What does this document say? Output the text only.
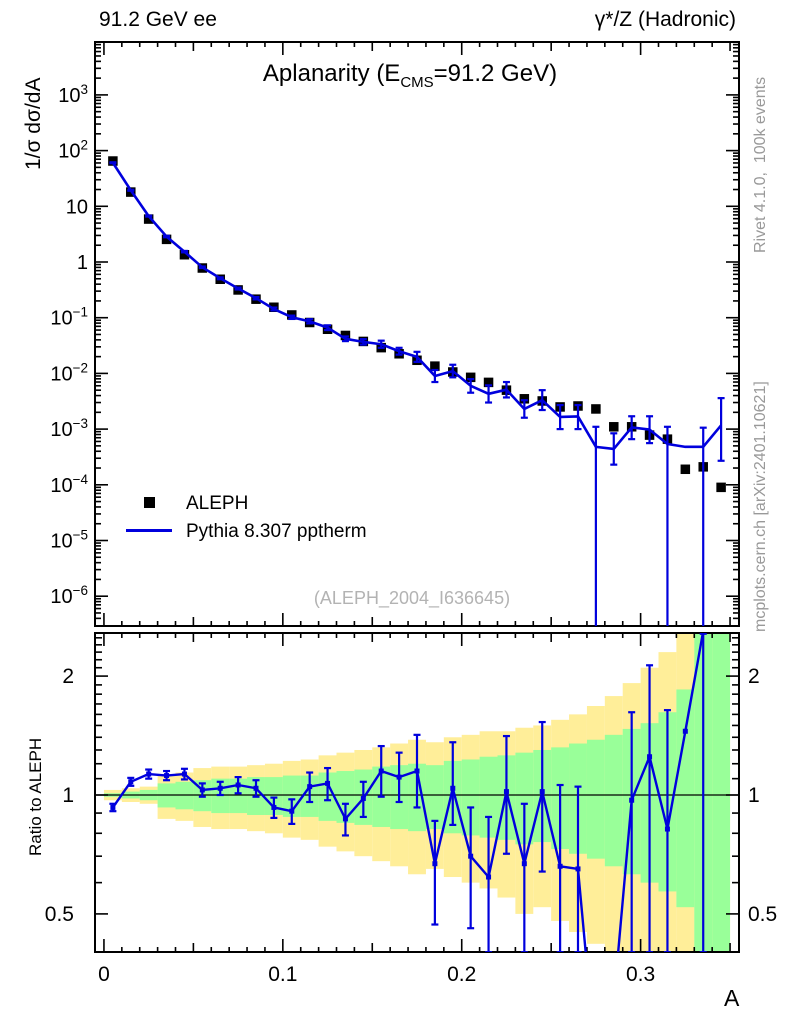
$10^3$
$10^2$
10
1
$10^{-1}$
$10^{-2}$
$10^{-3}$
$10^{-4}$
$10^{-5}$
$10^{-6}$
0.5	0.5
1	1
2	2
0	0.1	0.2	0.3
91.2 GeV ee	γ*/Z (Hadronic)
Aplanarity ($E_{CMS}=91.2$ GeV)
1/σ dσ/dA
Ratio to ALEPH
A
ALEPH
Pythia 8.307 pptherm
(ALEPH_2004_I636645)
Rivet 4.1.0,  100k events
mcplots.cern.ch [arXiv:2401.10621]
